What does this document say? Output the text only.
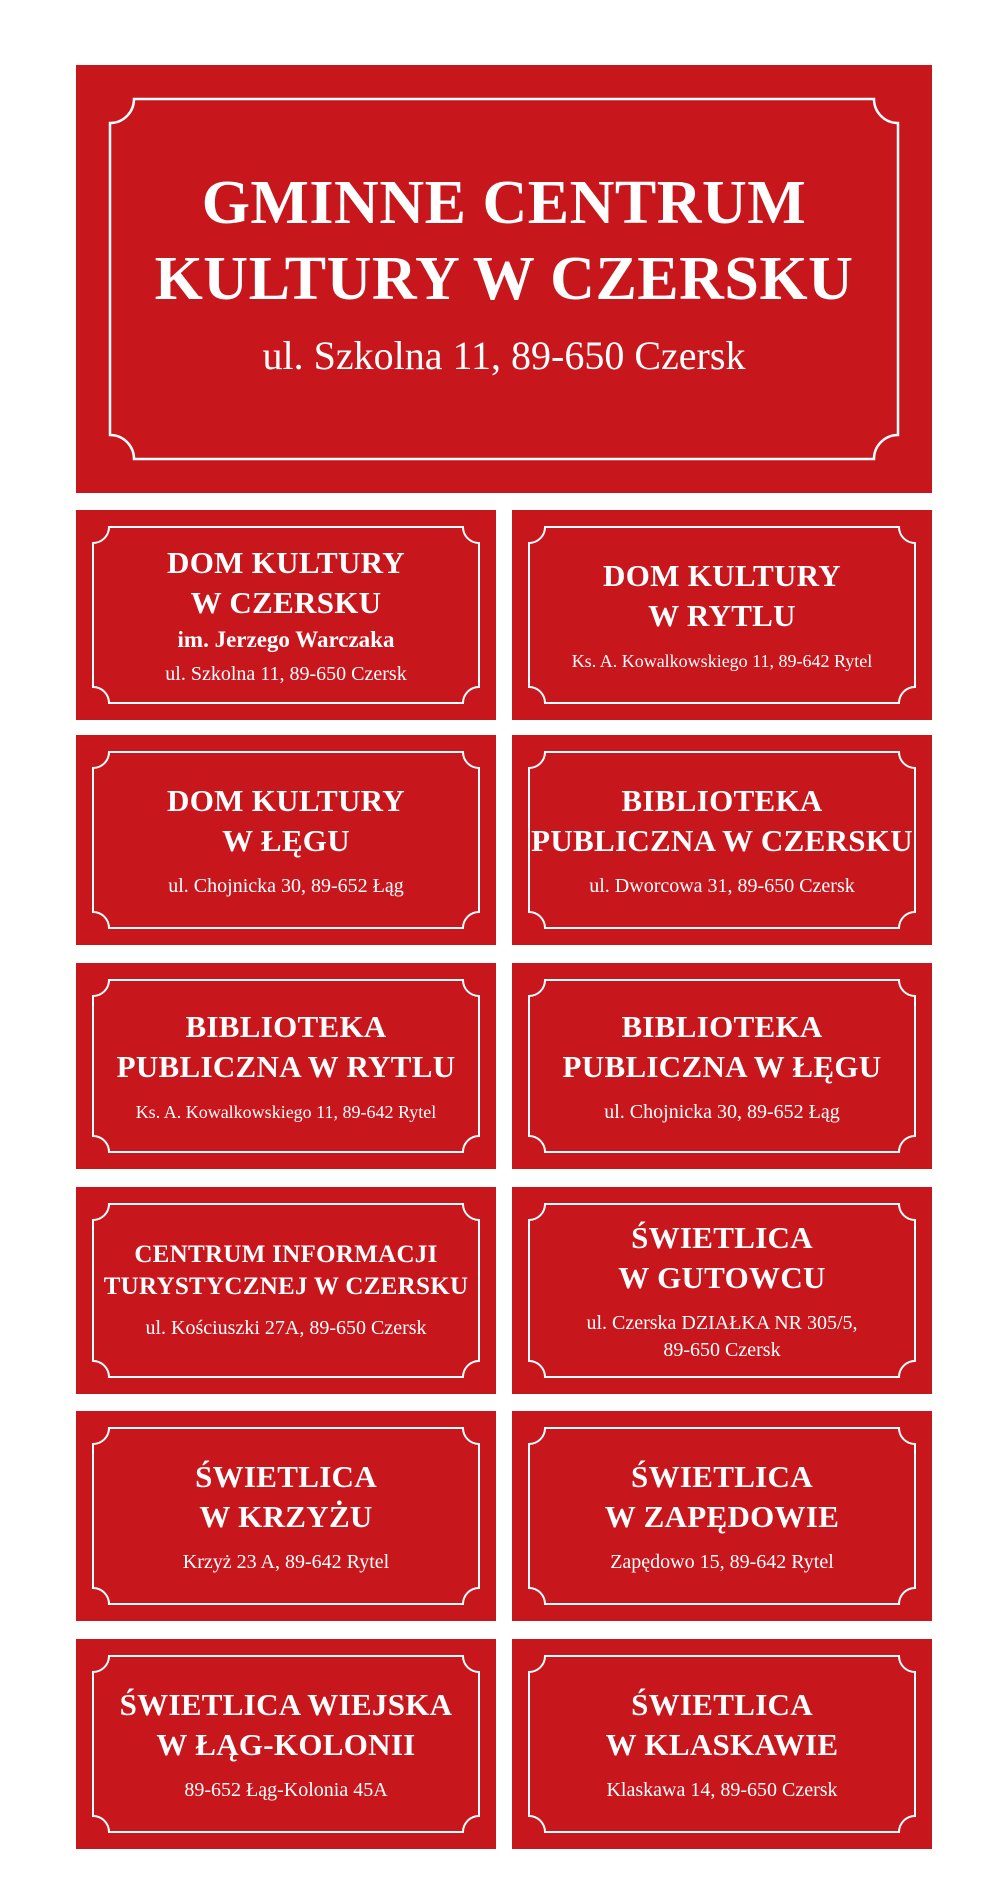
GMINNE CENTRUM
KULTURY W CZERSKU
ul. Szkolna 11, 89-650 Czersk
DOM KULTURY
W CZERSKU
im. Jerzego Warczaka
ul. Szkolna 11, 89-650 Czersk
DOM KULTURY
W RYTLU
Ks. A. Kowalkowskiego 11, 89-642 Rytel
DOM KULTURY
W ŁĘGU
ul. Chojnicka 30, 89-652 Łąg
BIBLIOTEKA
PUBLICZNA W CZERSKU
ul. Dworcowa 31, 89-650 Czersk
BIBLIOTEKA
PUBLICZNA W RYTLU
Ks. A. Kowalkowskiego 11, 89-642 Rytel
BIBLIOTEKA
PUBLICZNA W ŁĘGU
ul. Chojnicka 30, 89-652 Łąg
CENTRUM INFORMACJI
TURYSTYCZNEJ W CZERSKU
ul. Kościuszki 27A, 89-650 Czersk
ŚWIETLICA
W GUTOWCU
ul. Czerska DZIAŁKA NR 305/5,
89-650 Czersk
ŚWIETLICA
W KRZYŻU
Krzyż 23 A, 89-642 Rytel
ŚWIETLICA
W ZAPĘDOWIE
Zapędowo 15, 89-642 Rytel
ŚWIETLICA WIEJSKA
W ŁĄG-KOLONII
89-652 Łąg-Kolonia 45A
ŚWIETLICA
W KLASKAWIE
Klaskawa 14, 89-650 Czersk
